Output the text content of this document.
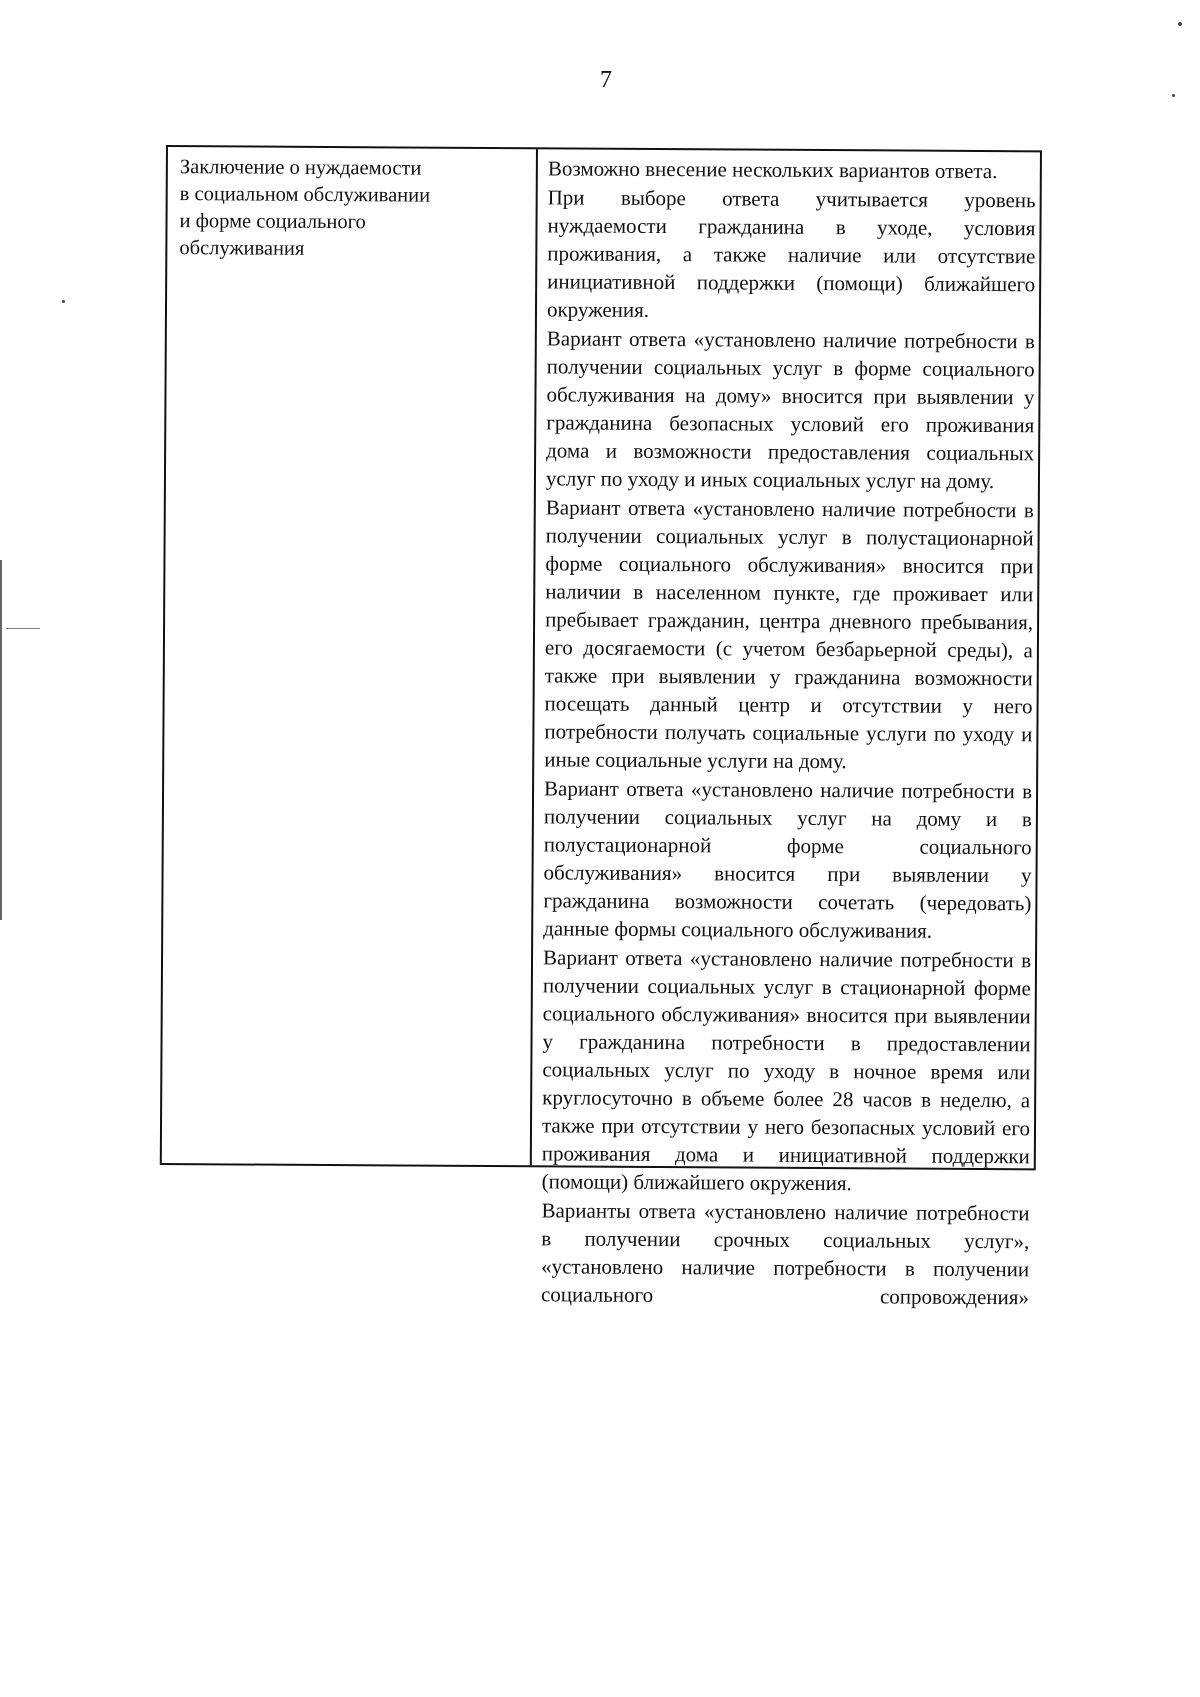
7
Заключение о нуждаемости
в социальном обслуживании
и форме социального
обслуживания

Возможно внесение нескольких вариантов ответа.

При выборе ответа учитывается уровень нуждаемости гражданина в уходе, условия проживания, а также наличие или отсутствие инициативной поддержки (помощи) ближайшего окружения.

Вариант ответа «установлено наличие потребности в получении социальных услуг в форме социального обслуживания на дому» вносится при выявлении у гражданина безопасных условий его проживания дома и возможности предоставления социальных услуг по уходу и иных социальных услуг на дому.

Вариант ответа «установлено наличие потребности в получении социальных услуг в полустационарной форме социального обслуживания» вносится при наличии в населенном пункте, где проживает или пребывает гражданин, центра дневного пребывания, его досягаемости (с учетом безбарьерной среды), а также при выявлении у гражданина возможности посещать данный центр и отсутствии у него потребности получать социальные услуги по уходу и иные социальные услуги на дому.

Вариант ответа «установлено наличие потребности в получении социальных услуг на дому и в полустационарной форме социального обслуживания» вносится при выявлении у гражданина возможности сочетать (чередовать) данные формы социального обслуживания.

Вариант ответа «установлено наличие потребности в получении социальных услуг в стационарной форме социального обслуживания» вносится при выявлении у гражданина потребности в предоставлении социальных услуг по уходу в ночное время или круглосуточно в объеме более 28 часов в неделю, а также при отсутствии у него безопасных условий его проживания дома и инициативной поддержки (помощи) ближайшего окружения.

Варианты ответа «установлено наличие потребности в получении срочных социальных услуг», «установлено наличие потребности в получении социального сопровождения»
